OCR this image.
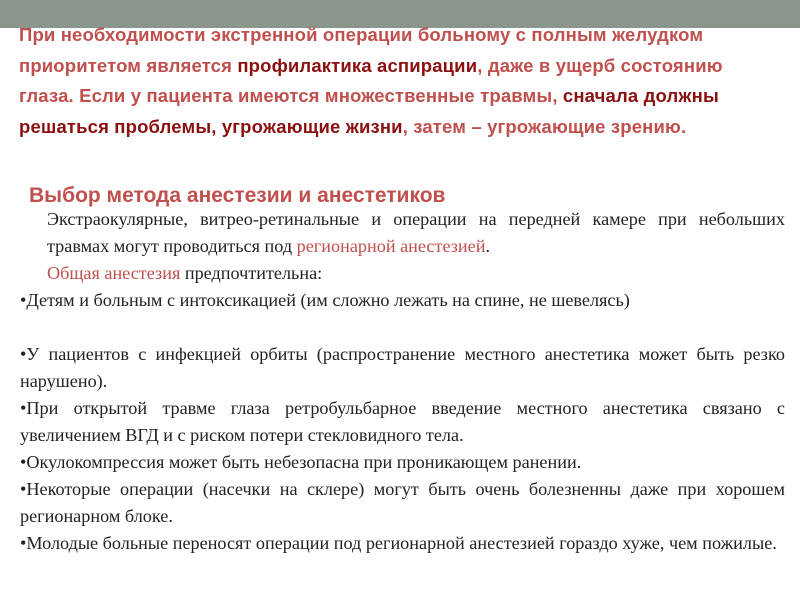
При необходимости экстренной операции больному с полным желудком приоритетом является профилактика аспирации, даже в ущерб состоянию глаза. Если у пациента имеются множественные травмы, сначала должны решаться проблемы, угрожающие жизни, затем – угрожающие зрению.

Выбор метода анестезии и анестетиков

Экстраокулярные, витрео-ретинальные и операции на передней камере при небольших травмах могут проводиться под регионарной анестезией.

Общая анестезия предпочтительна:

•Детям и больным с интоксикацией (им сложно лежать на спине, не шевелясь)

•У пациентов с инфекцией орбиты (распространение местного анестетика может быть резко нарушено).

•При открытой травме глаза ретробульбарное введение местного анестетика связано с увеличением ВГД и с риском потери стекловидного тела.

•Окулокомпрессия может быть небезопасна при проникающем ранении.

•Некоторые операции (насечки на склере) могут быть очень болезненны даже при хорошем регионарном блоке.

•Молодые больные переносят операции под регионарной анестезией гораздо хуже, чем пожилые.
